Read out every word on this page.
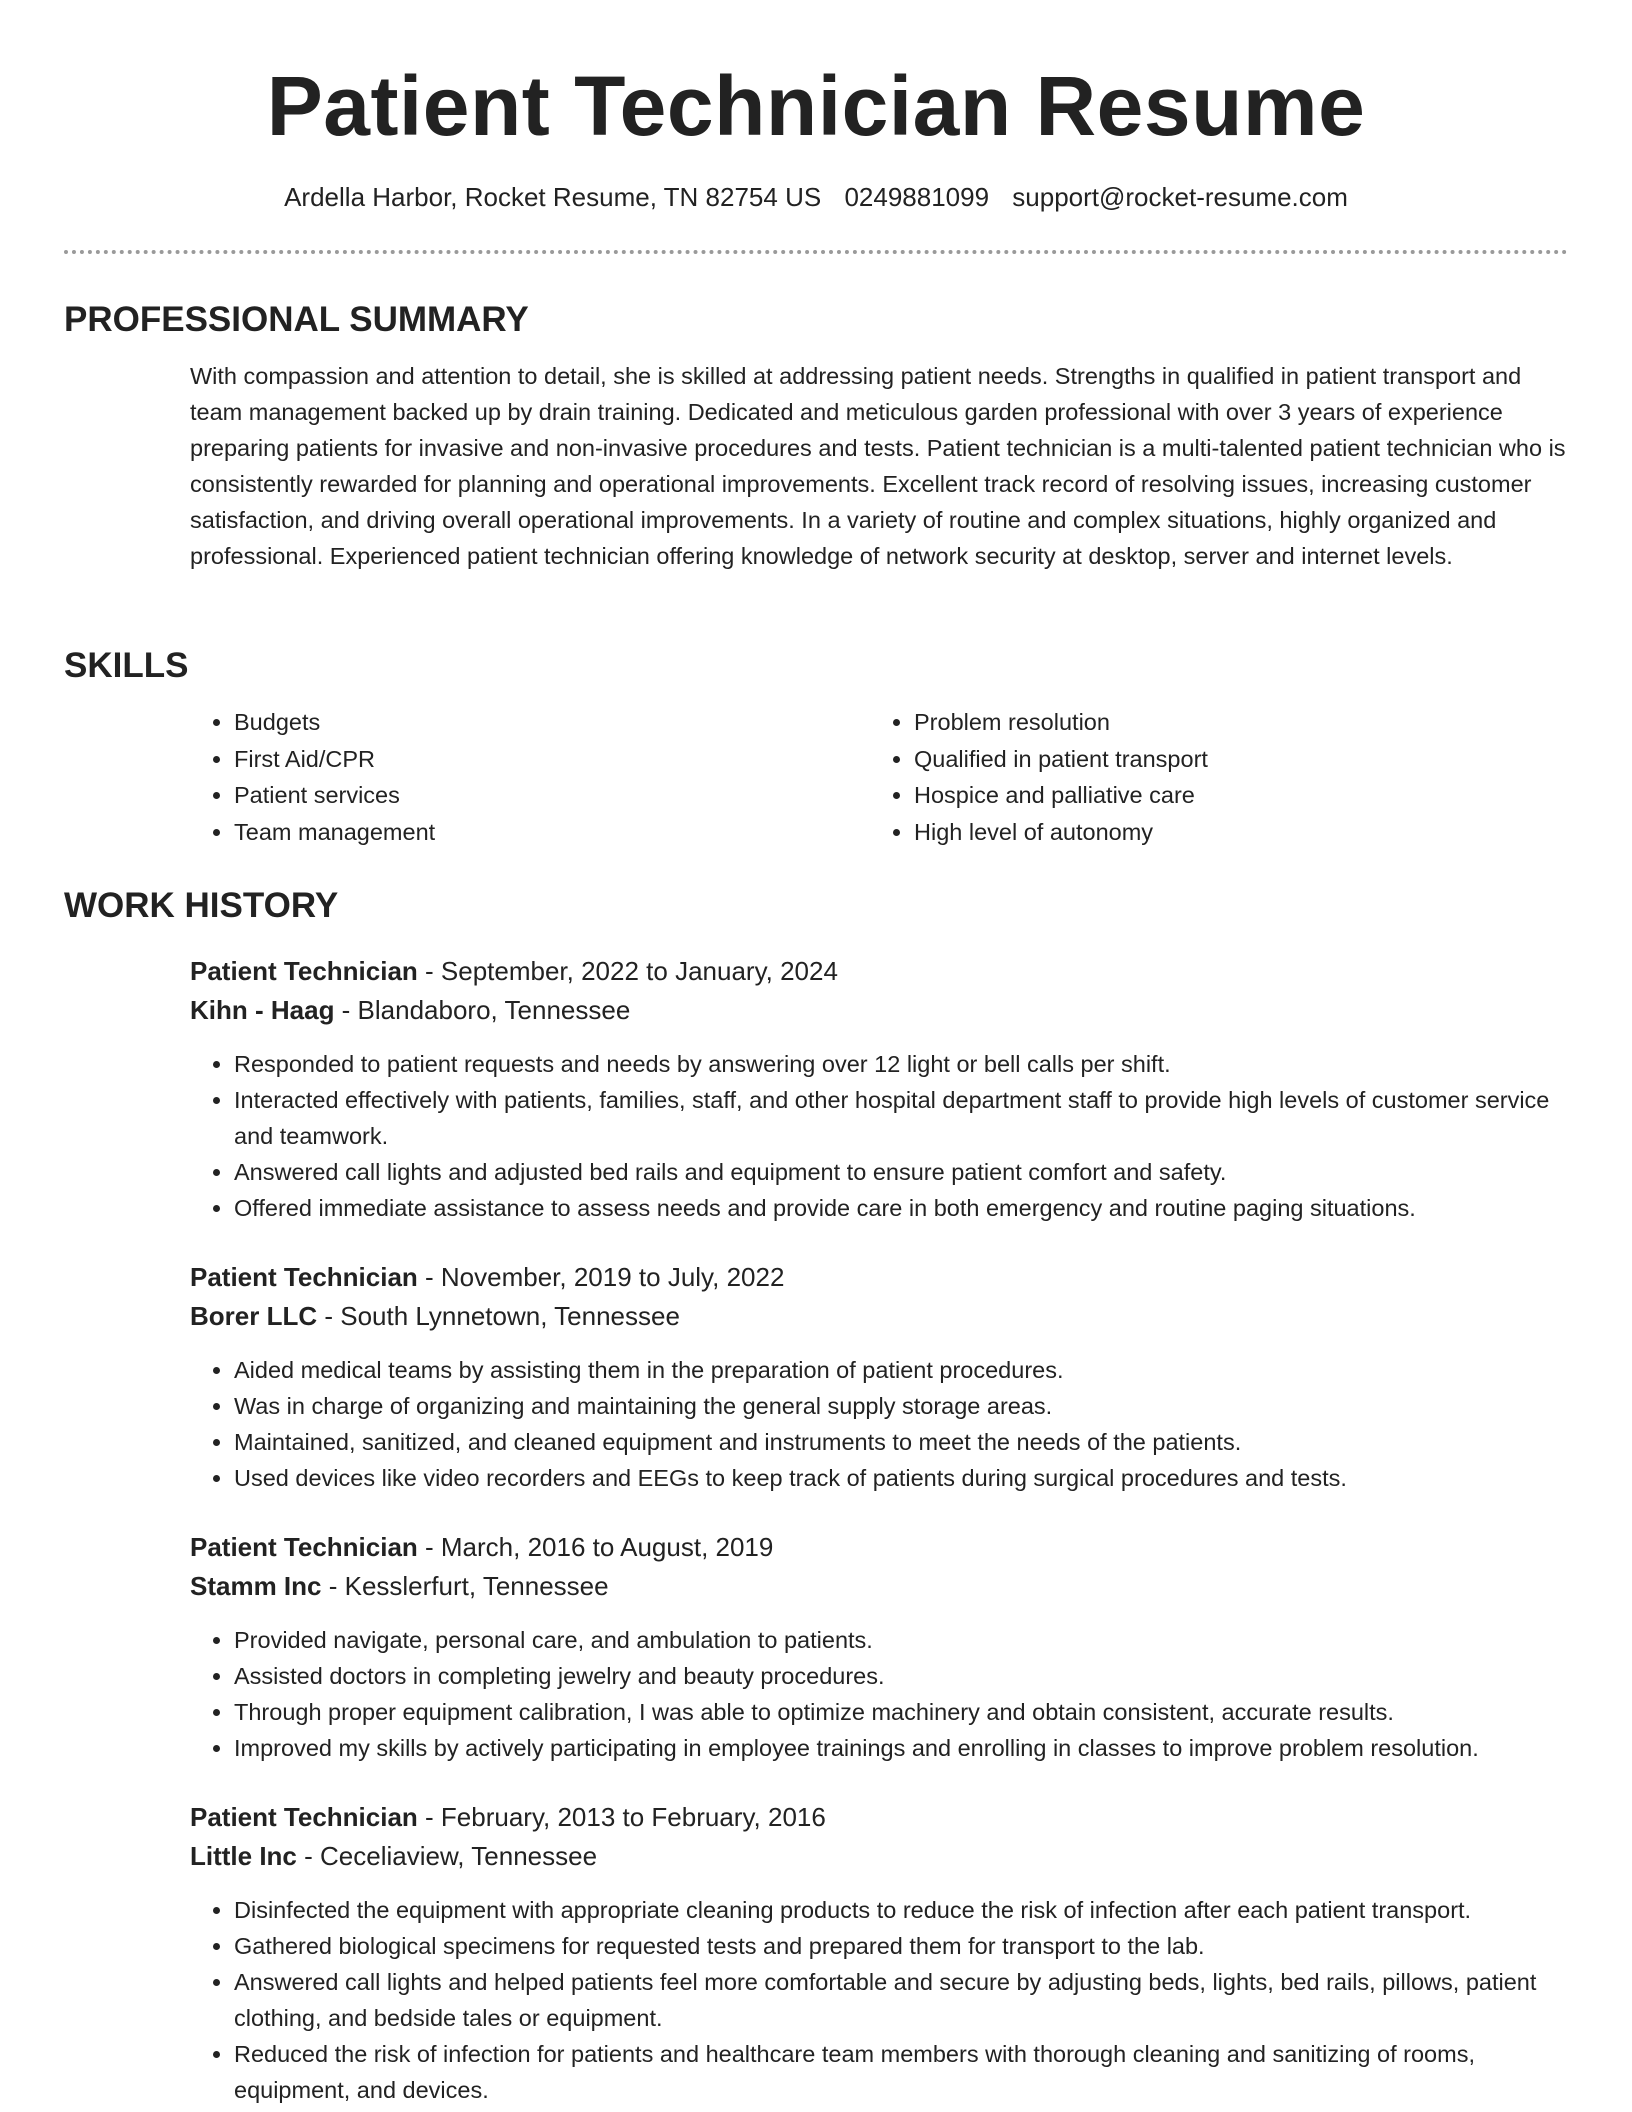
Patient Technician Resume
Ardella Harbor, Rocket Resume, TN 82754 US 0249881099 support@rocket-resume.com
PROFESSIONAL SUMMARY

With compassion and attention to detail, she is skilled at addressing patient needs. Strengths in qualified in patient transport and team management backed up by drain training. Dedicated and meticulous garden professional with over 3 years of experience preparing patients for invasive and non-invasive procedures and tests. Patient technician is a multi-talented patient technician who is consistently rewarded for planning and operational improvements. Excellent track record of resolving issues, increasing customer satisfaction, and driving overall operational improvements. In a variety of routine and complex situations, highly organized and professional. Experienced patient technician offering knowledge of network security at desktop, server and internet levels.

SKILLS
• Budgets
• First Aid/CPR
• Patient services
• Team management
• Problem resolution
• Qualified in patient transport
• Hospice and palliative care
• High level of autonomy
WORK HISTORY
Patient Technician - September, 2022 to January, 2024
Kihn - Haag - Blandaboro, Tennessee
• Responded to patient requests and needs by answering over 12 light or bell calls per shift.
• Interacted effectively with patients, families, staff, and other hospital department staff to provide high levels of customer service and teamwork.
• Answered call lights and adjusted bed rails and equipment to ensure patient comfort and safety.
• Offered immediate assistance to assess needs and provide care in both emergency and routine paging situations.
Patient Technician - November, 2019 to July, 2022
Borer LLC - South Lynnetown, Tennessee
• Aided medical teams by assisting them in the preparation of patient procedures.
• Was in charge of organizing and maintaining the general supply storage areas.
• Maintained, sanitized, and cleaned equipment and instruments to meet the needs of the patients.
• Used devices like video recorders and EEGs to keep track of patients during surgical procedures and tests.
Patient Technician - March, 2016 to August, 2019
Stamm Inc - Kesslerfurt, Tennessee
• Provided navigate, personal care, and ambulation to patients.
• Assisted doctors in completing jewelry and beauty procedures.
• Through proper equipment calibration, I was able to optimize machinery and obtain consistent, accurate results.
• Improved my skills by actively participating in employee trainings and enrolling in classes to improve problem resolution.
Patient Technician - February, 2013 to February, 2016
Little Inc - Ceceliaview, Tennessee
• Disinfected the equipment with appropriate cleaning products to reduce the risk of infection after each patient transport.
• Gathered biological specimens for requested tests and prepared them for transport to the lab.
• Answered call lights and helped patients feel more comfortable and secure by adjusting beds, lights, bed rails, pillows, patient clothing, and bedside tales or equipment.
• Reduced the risk of infection for patients and healthcare team members with thorough cleaning and sanitizing of rooms, equipment, and devices.
